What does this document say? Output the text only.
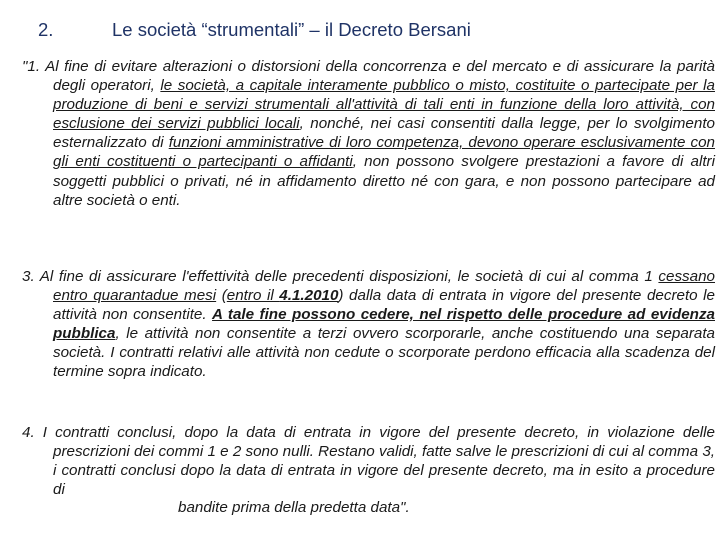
2.	Le società “strumentali” – il Decreto Bersani
"1. Al fine di evitare alterazioni o distorsioni della concorrenza e del mercato e di assicurare la parità degli operatori, le società, a capitale interamente pubblico o misto, costituite o partecipate per la produzione di beni e servizi strumentali all'attività di tali enti in funzione della loro attività, con esclusione dei servizi pubblici locali, nonché, nei casi consentiti dalla legge, per lo svolgimento esternalizzato di funzioni amministrative di loro competenza, devono operare esclusivamente con gli enti costituenti o partecipanti o affidanti, non possono svolgere prestazioni a favore di altri soggetti pubblici o privati, né in affidamento diretto né con gara, e non possono partecipare ad altre società o enti.
3. Al fine di assicurare l'effettività delle precedenti disposizioni, le società di cui al comma 1 cessano entro quarantadue mesi (entro il 4.1.2010) dalla data di entrata in vigore del presente decreto le attività non consentite. A tale fine possono cedere, nel rispetto delle procedure ad evidenza pubblica, le attività non consentite a terzi ovvero scorporarle, anche costituendo una separata società. I contratti relativi alle attività non cedute o scorporate perdono efficacia alla scadenza del termine sopra indicato.
4. I contratti conclusi, dopo la data di entrata in vigore del presente decreto, in violazione delle prescrizioni dei commi 1 e 2 sono nulli. Restano validi, fatte salve le prescrizioni di cui al comma 3, i contratti conclusi dopo la data di entrata in vigore del presente decreto, ma in esito a procedure di
bandite prima della predetta data".
